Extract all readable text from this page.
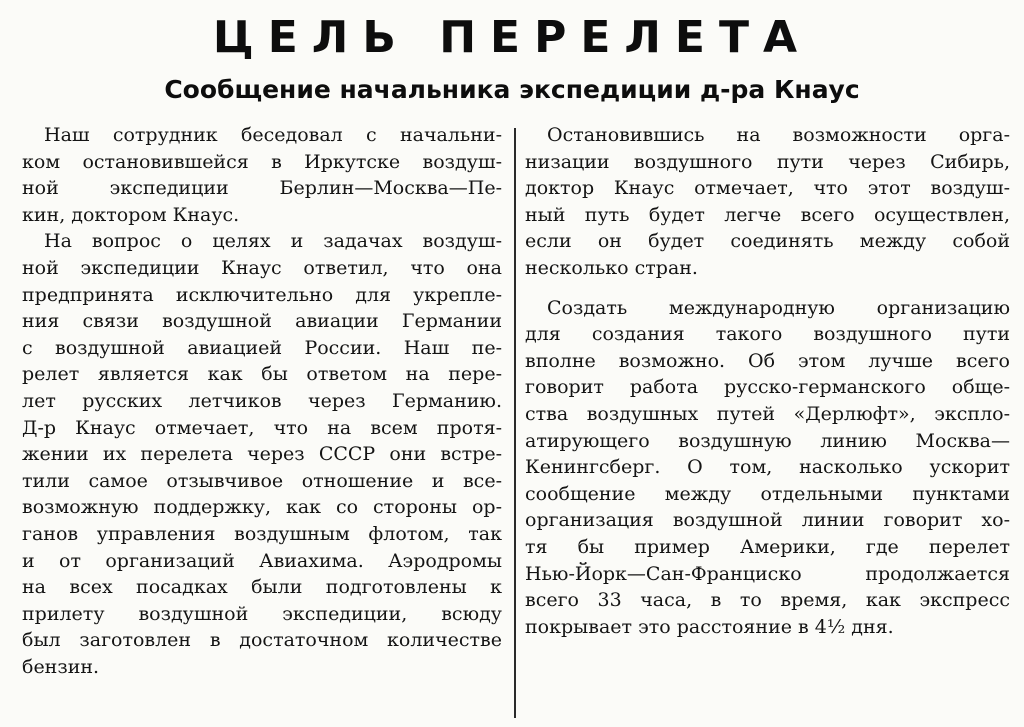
ЦЕЛЬ ПЕРЕЛЕТА
Сообщение начальника экспедиции д-ра Кнаус
Наш сотрудник беседовал с начальни-
ком остановившейся в Иркутске воздуш-
ной экспедиции Берлин—Москва—Пе-
кин, доктором Кнаус.
На вопрос о целях и задачах воздуш-
ной экспедиции Кнаус ответил, что она
предпринята исключительно для укрепле-
ния связи воздушной авиации Германии
с воздушной авиацией России. Наш пе-
релет является как бы ответом на пере-
лет русских летчиков через Германию.
Д-р Кнаус отмечает, что на всем протя-
жении их перелета через СССР они встре-
тили самое отзывчивое отношение и все-
возможную поддержку, как со стороны ор-
ганов управления воздушным флотом, так
и от организаций Авиахима. Аэродромы
на всех посадках были подготовлены к
прилету воздушной экспедиции, всюду
был заготовлен в достаточном количестве
бензин.
Остановившись на возможности орга-
низации воздушного пути через Сибирь,
доктор Кнаус отмечает, что этот воздуш-
ный путь будет легче всего осуществлен,
если он будет соединять между собой
несколько стран.
Создать международную организацию
для создания такого воздушного пути
вполне возможно. Об этом лучше всего
говорит работа русско-германского обще-
ства воздушных путей «Дерлюфт», экспло-
атирующего воздушную линию Москва—
Кенингсберг. О том, насколько ускорит
сообщение между отдельными пунктами
организация воздушной линии говорит хо-
тя бы пример Америки, где перелет
Нью-Йорк—Сан-Франциско продолжается
всего 33 часа, в то время, как экспресс
покрывает это расстояние в 4½ дня.
